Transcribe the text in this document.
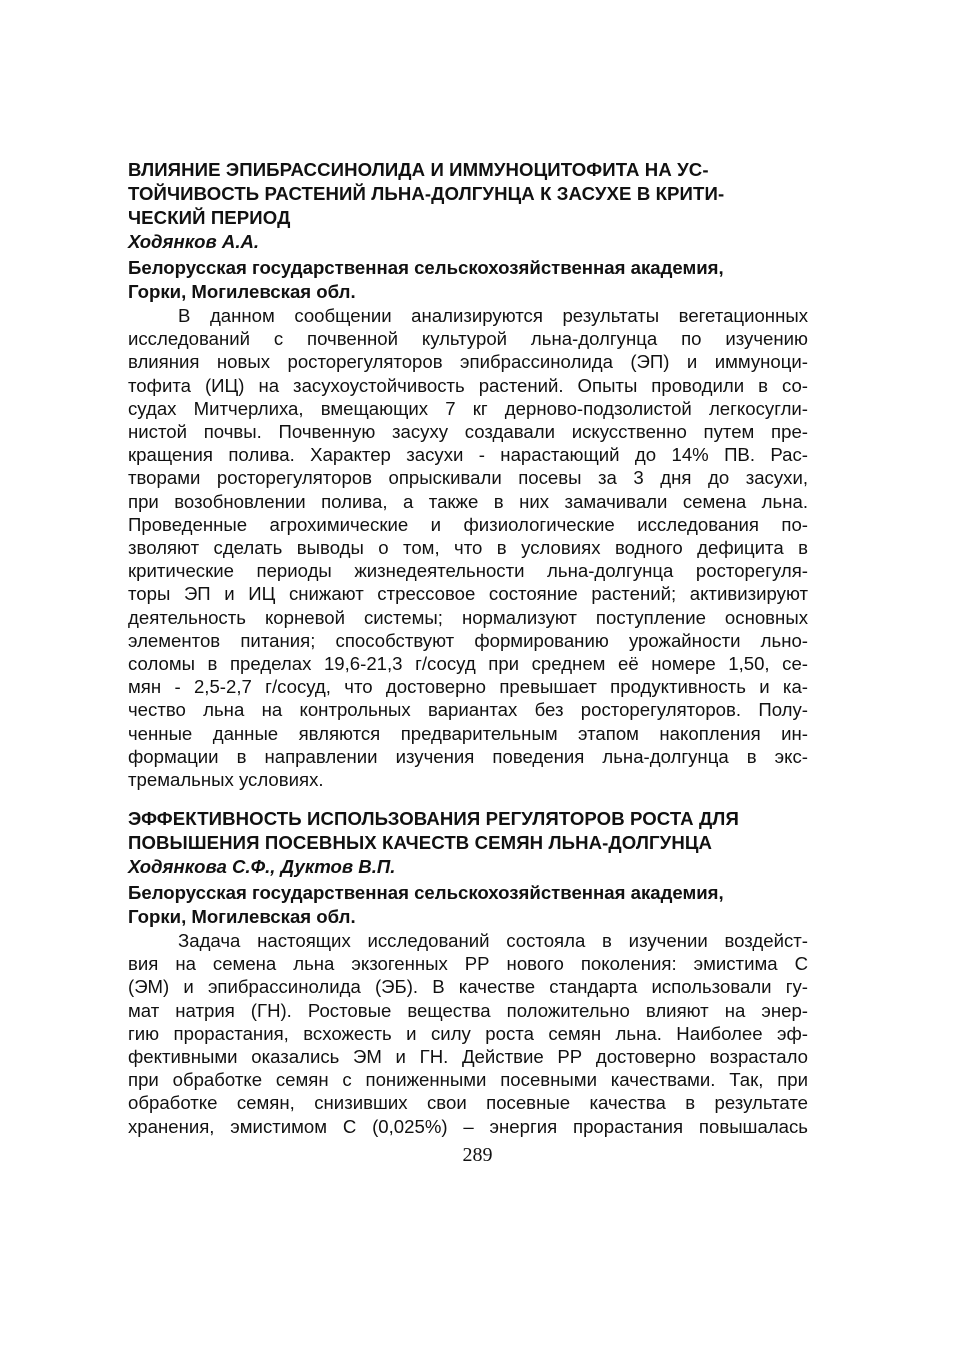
ВЛИЯНИЕ ЭПИБРАССИНОЛИДА И ИММУНОЦИТОФИТА НА УС-
ТОЙЧИВОСТЬ РАСТЕНИЙ ЛЬНА-ДОЛГУНЦА К ЗАСУХЕ В КРИТИ-
ЧЕСКИЙ ПЕРИОД

Ходянков А.А.

Белорусская государственная сельскохозяйственная академия,
Горки, Могилевская обл.
В данном сообщении анализируются результаты вегетационных
исследований с почвенной культурой льна-долгунца по изучению
влияния новых росторегуляторов эпибрассинолида (ЭП) и иммуноци-
тофита (ИЦ) на засухоустойчивость растений. Опыты проводили в со-
судах Митчерлиха, вмещающих 7 кг дерново-подзолистой легкосугли-
нистой почвы. Почвенную засуху создавали искусственно путем пре-
кращения полива. Характер засухи - нарастающий до 14% ПВ. Рас-
творами росторегуляторов опрыскивали посевы за 3 дня до засухи,
при возобновлении полива, а также в них замачивали семена льна.
Проведенные агрохимические и физиологические исследования по-
зволяют сделать выводы о том, что в условиях водного дефицита в
критические периоды жизнедеятельности льна-долгунца росторегуля-
торы ЭП и ИЦ снижают стрессовое состояние растений; активизируют
деятельность корневой системы; нормализуют поступление основных
элементов питания; способствуют формированию урожайности льно-
соломы в пределах 19,6-21,3 г/сосуд при среднем её номере 1,50, се-
мян - 2,5-2,7 г/сосуд, что достоверно превышает продуктивность и ка-
чество льна на контрольных вариантах без росторегуляторов. Полу-
ченные данные являются предварительным этапом накопления ин-
формации в направлении изучения поведения льна-долгунца в экс-
тремальных условиях.
ЭФФЕКТИВНОСТЬ ИСПОЛЬЗОВАНИЯ РЕГУЛЯТОРОВ РОСТА ДЛЯ
ПОВЫШЕНИЯ ПОСЕВНЫХ КАЧЕСТВ СЕМЯН ЛЬНА-ДОЛГУНЦА

Ходянкова С.Ф., Дуктов В.П.

Белорусская государственная сельскохозяйственная академия,
Горки, Могилевская обл.
Задача настоящих исследований состояла в изучении воздейст-
вия на семена льна экзогенных РР нового поколения: эмистима С
(ЭМ) и эпибрассинолида (ЭБ). В качестве стандарта использовали гу-
мат натрия (ГН). Ростовые вещества положительно влияют на энер-
гию прорастания, всхожесть и силу роста семян льна. Наиболее эф-
фективными оказались ЭМ и ГН. Действие РР достоверно возрастало
при обработке семян с пониженными посевными качествами. Так, при
обработке семян, снизивших свои посевные качества в результате
хранения, эмистимом С (0,025%) – энергия прорастания повышалась
289
